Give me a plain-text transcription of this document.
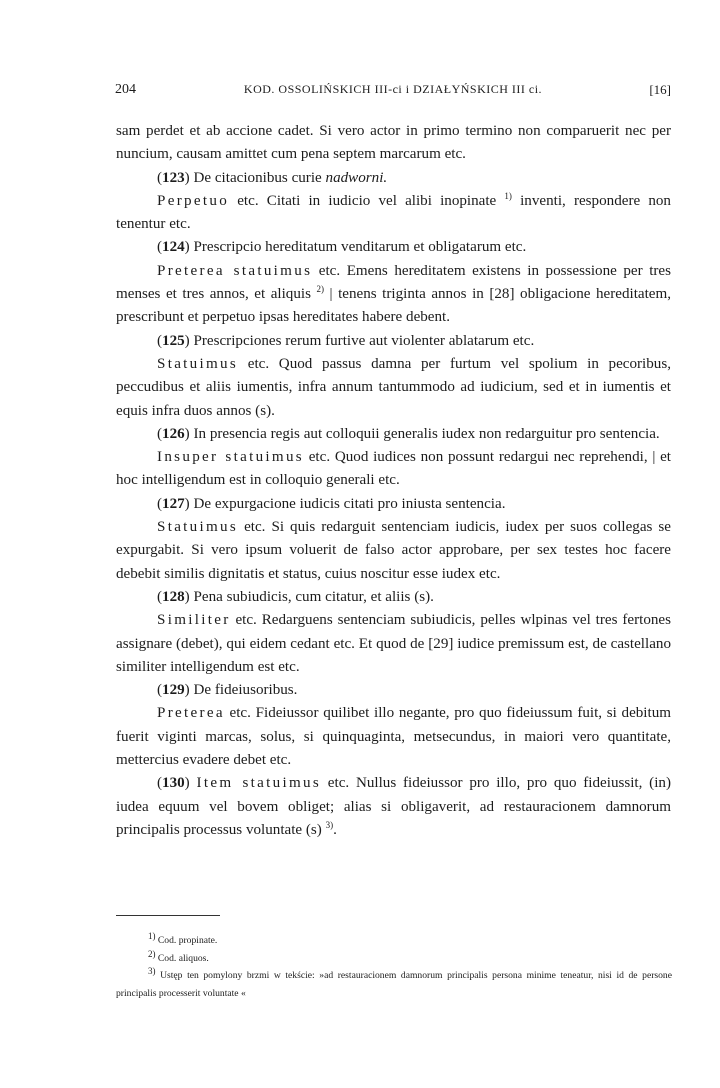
204	KOD. OSSOLIŃSKICH III-ci i DZIAŁYŃSKICH III ci.	[16]

sam perdet et ab accione cadet. Si vero actor in primo termino non comparuerit nec per nuncium, causam amittet cum pena septem marcarum etc.

(123) De citacionibus curie nadworni.

Perpetuo etc. Citati in iudicio vel alibi inopinate $^{1)}$ inventi, respondere non tenentur etc.

(124) Prescripcio hereditatum venditarum et obligatarum etc.

Preterea statuimus etc. Emens hereditatem existens in possessione per tres menses et tres annos, et aliquis $^{2)}$ | tenens triginta annos in [28] obligacione hereditatem, prescribunt et perpetuo ipsas hereditates habere debent.

(125) Prescripciones rerum furtive aut violenter ablatarum etc.

Statuimus etc. Quod passus damna per furtum vel spolium in pecoribus, peccudibus et aliis iumentis, infra annum tantummodo ad iudicium, sed et in iumentis et equis infra duos annos (s).

(126) In presencia regis aut colloquii generalis iudex non redarguitur pro sentencia.

Insuper statuimus etc. Quod iudices non possunt redargui nec reprehendi, | et hoc intelligendum est in colloquio generali etc.

(127) De expurgacione iudicis citati pro iniusta sentencia.

Statuimus etc. Si quis redarguit sentenciam iudicis, iudex per suos collegas se expurgabit. Si vero ipsum voluerit de falso actor approbare, per sex testes hoc facere debebit similis dignitatis et status, cuius noscitur esse iudex etc.

(128) Pena subiudicis, cum citatur, et aliis (s).

Similiter etc. Redarguens sentenciam subiudicis, pelles wlpinas vel tres fertones assignare (debet), qui eidem cedant etc. Et quod de [29] iudice premissum est, de castellano similiter intelligendum est etc.

(129) De fideiusoribus.

Preterea etc. Fideiussor quilibet illo negante, pro quo fideiussum fuit, si debitum fuerit viginti marcas, solus, si quinquaginta, metsecundus, in maiori vero quantitate, mettercius evadere debet etc.

(130) Item statuimus etc. Nullus fideiussor pro illo, pro quo fideiussit, (in) iudea equum vel bovem obliget; alias si obligaverit, ad restauracionem damnorum principalis processus voluntate (s) $^{3)}$.

1) Cod. propinate.

2) Cod. aliquos.

3) Ustęp ten pomylony brzmi w tekście: »ad restauracionem damnorum principalis persona minime teneatur, nisi id de persone principalis processerit voluntate «
